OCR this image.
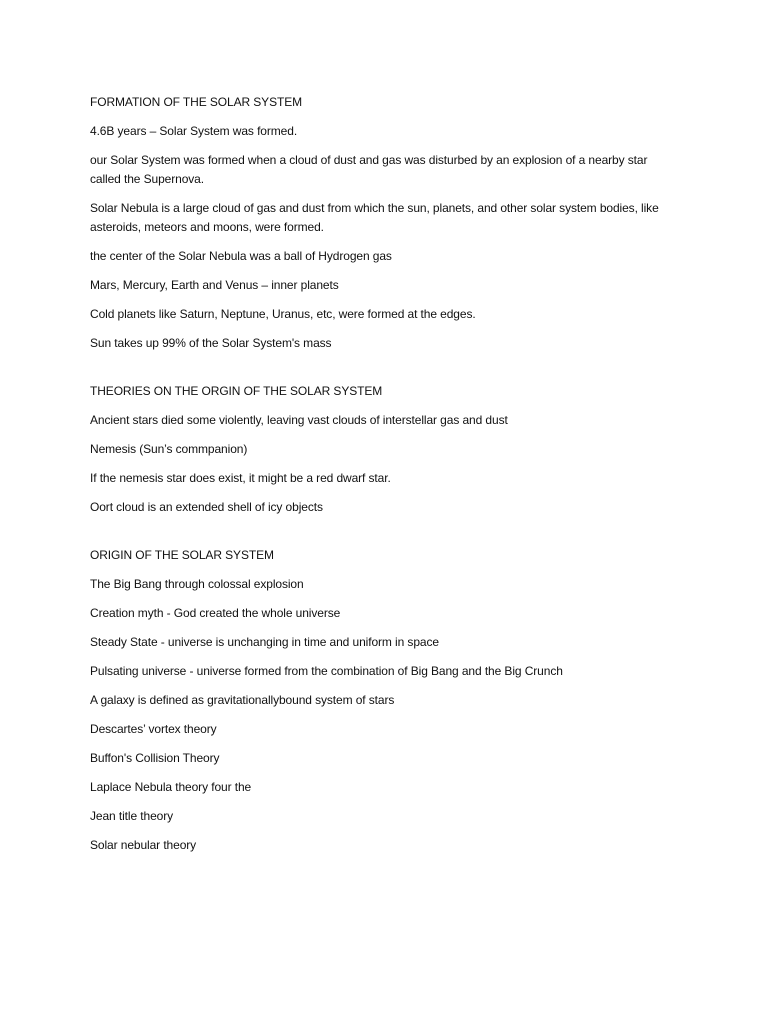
FORMATION OF THE SOLAR SYSTEM

4.6B years – Solar System was formed.

our Solar System was formed when a cloud of dust and gas was disturbed by an explosion of a nearby star called the Supernova.

Solar Nebula is a large cloud of gas and dust from which the sun, planets, and other solar system bodies, like asteroids, meteors and moons, were formed.

the center of the Solar Nebula was a ball of Hydrogen gas

Mars, Mercury, Earth and Venus – inner planets

Cold planets like Saturn, Neptune, Uranus, etc, were formed at the edges.

Sun takes up 99% of the Solar System's mass

THEORIES ON THE ORGIN OF THE SOLAR SYSTEM

Ancient stars died some violently, leaving vast clouds of interstellar gas and dust

Nemesis (Sun’s commpanion)

If the nemesis star does exist, it might be a red dwarf star.

Oort cloud is an extended shell of icy objects

ORIGIN OF THE SOLAR SYSTEM

The Big Bang through colossal explosion

Creation myth - God created the whole universe

Steady State - universe is unchanging in time and uniform in space

Pulsating universe - universe formed from the combination of Big Bang and the Big Crunch

A galaxy is defined as gravitationallybound system of stars

Descartes’ vortex theory

Buffon's Collision Theory

Laplace Nebula theory four the

Jean title theory

Solar nebular theory
